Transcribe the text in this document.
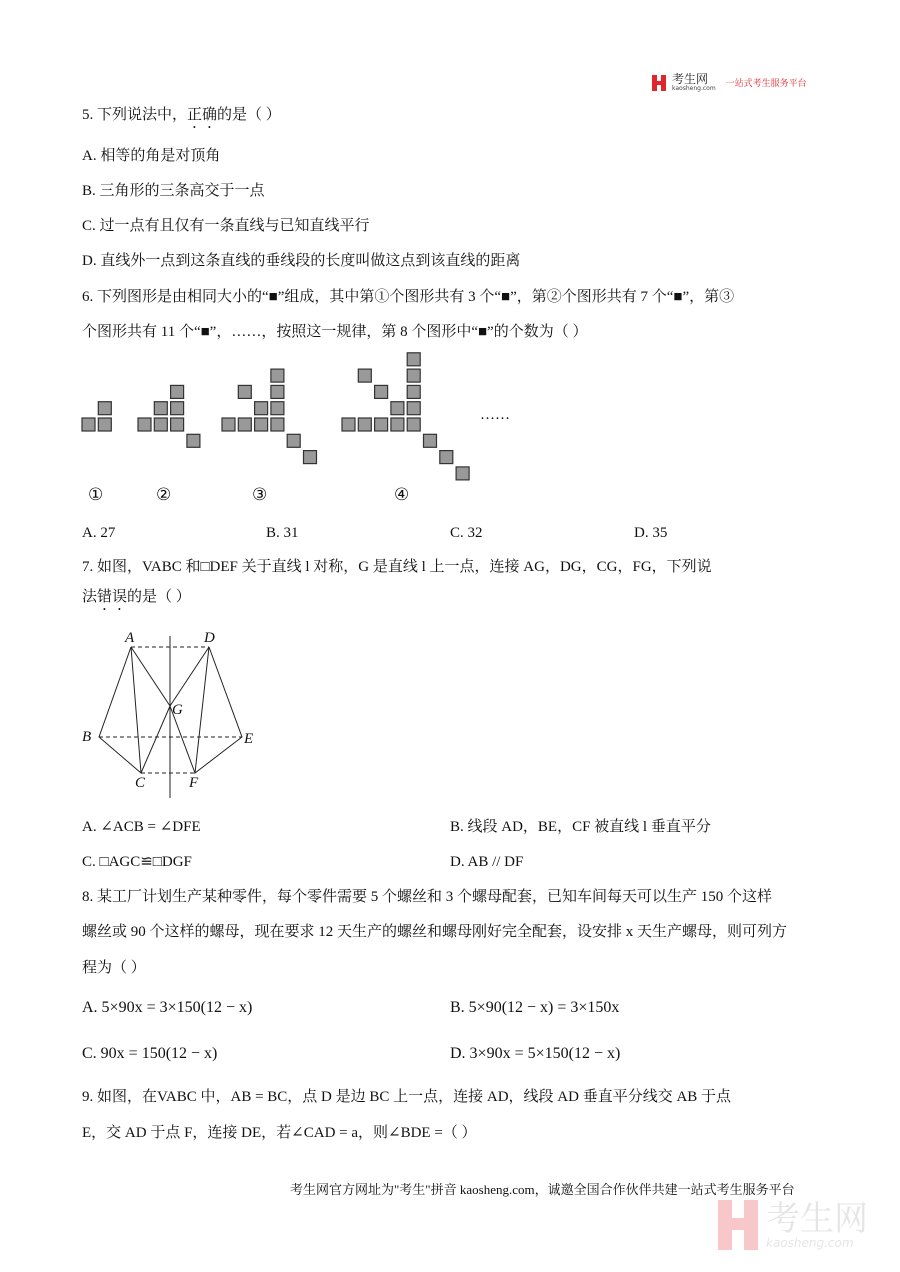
考生网
kaosheng.com 一站式考生服务平台
5. 下列说法中，正确的是（ ）
A. 相等的角是对顶角
B. 三角形的三条高交于一点
C. 过一点有且仅有一条直线与已知直线平行
D. 直线外一点到这条直线的垂线段的长度叫做这点到该直线的距离
6. 下列图形是由相同大小的“■”组成，其中第①个图形共有 3 个“■”，第②个图形共有 7 个“■”，第③
个图形共有 11 个“■”，……，按照这一规律，第 8 个图形中“■”的个数为（ ）
……
①	②	③	④
A. 27	B. 31	C. 32	D. 35
7. 如图，VABC 和□DEF 关于直线 l 对称，G 是直线 l 上一点，连接 AG，DG，CG，FG，下列说
法错误的是（ ）
A	D
G
B	E
C	F
A. ∠ACB = ∠DFE	B. 线段 AD，BE，CF 被直线 l 垂直平分
C. □AGC≌□DGF	D. AB // DF
8. 某工厂计划生产某种零件，每个零件需要 5 个螺丝和 3 个螺母配套，已知车间每天可以生产 150 个这样
螺丝或 90 个这样的螺母，现在要求 12 天生产的螺丝和螺母刚好完全配套，设安排 x 天生产螺母，则可列方
程为（ ）
A. 5×90x = 3×150(12 − x)	B. 5×90(12 − x) = 3×150x
C. 90x = 150(12 − x)	D. 3×90x = 5×150(12 − x)
9. 如图，在VABC 中，AB = BC，点 D 是边 BC 上一点，连接 AD，线段 AD 垂直平分线交 AB 于点
E，交 AD 于点 F，连接 DE，若∠CAD = a，则∠BDE =（ ）
考生网官方网址为"考生"拼音 kaosheng.com，诚邀全国合作伙伴共建一站式考生服务平台
考生网
kaosheng.com
